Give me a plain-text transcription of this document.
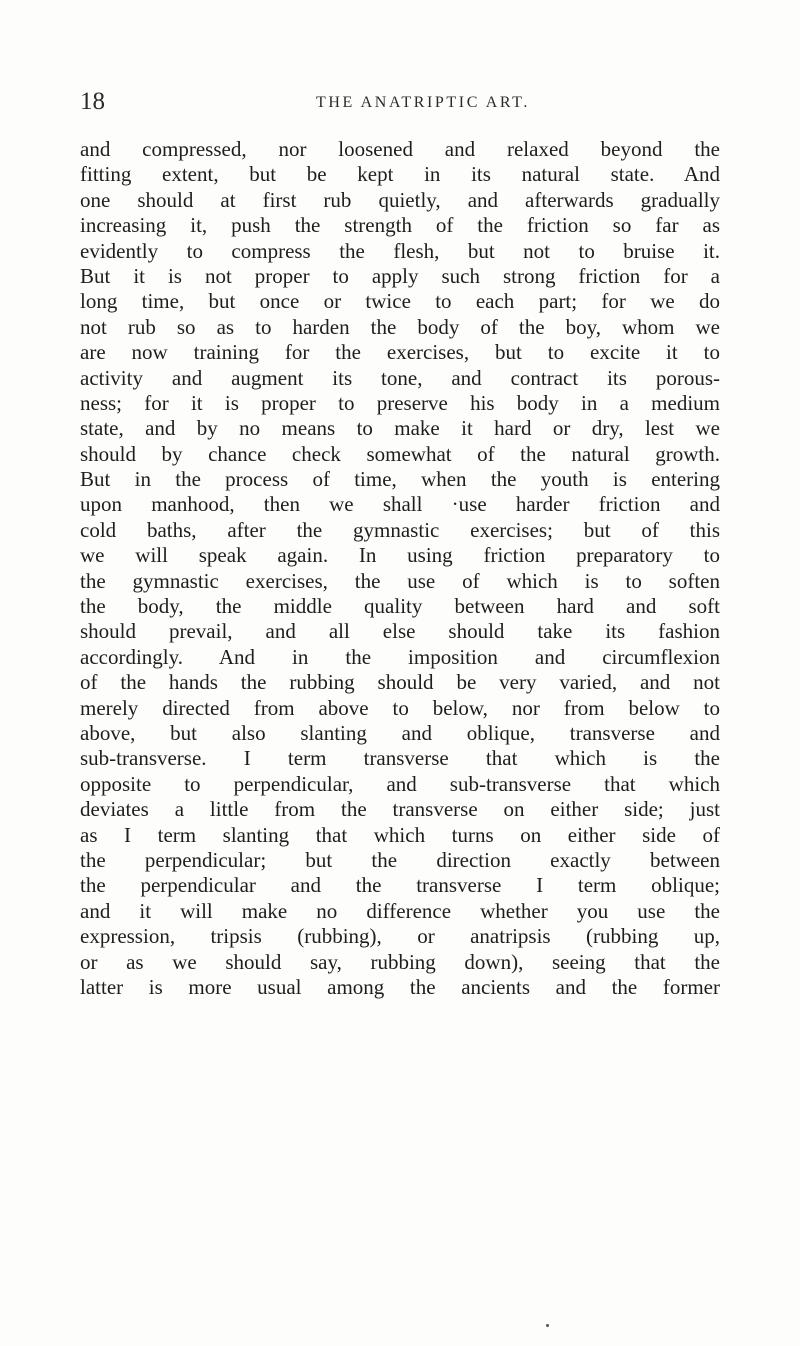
18	THE ANATRIPTIC ART.
and compressed, nor loosened and relaxed beyond the
fitting extent, but be kept in its natural state. And
one should at first rub quietly, and afterwards gradually
increasing it, push the strength of the friction so far as
evidently to compress the flesh, but not to bruise it.
But it is not proper to apply such strong friction for a
long time, but once or twice to each part; for we do
not rub so as to harden the body of the boy, whom we
are now training for the exercises, but to excite it to
activity and augment its tone, and contract its porous-
ness; for it is proper to preserve his body in a medium
state, and by no means to make it hard or dry, lest we
should by chance check somewhat of the natural growth.
But in the process of time, when the youth is entering
upon manhood, then we shall ·use harder friction and
cold baths, after the gymnastic exercises; but of this
we will speak again. In using friction preparatory to
the gymnastic exercises, the use of which is to soften
the body, the middle quality between hard and soft
should prevail, and all else should take its fashion
accordingly. And in the imposition and circumflexion
of the hands the rubbing should be very varied, and not
merely directed from above to below, nor from below to
above, but also slanting and oblique, transverse and
sub-transverse. I term transverse that which is the
opposite to perpendicular, and sub-transverse that which
deviates a little from the transverse on either side; just
as I term slanting that which turns on either side of
the perpendicular; but the direction exactly between
the perpendicular and the transverse I term oblique;
and it will make no difference whether you use the
expression, tripsis (rubbing), or anatripsis (rubbing up,
or as we should say, rubbing down), seeing that the
latter is more usual among the ancients and the former
